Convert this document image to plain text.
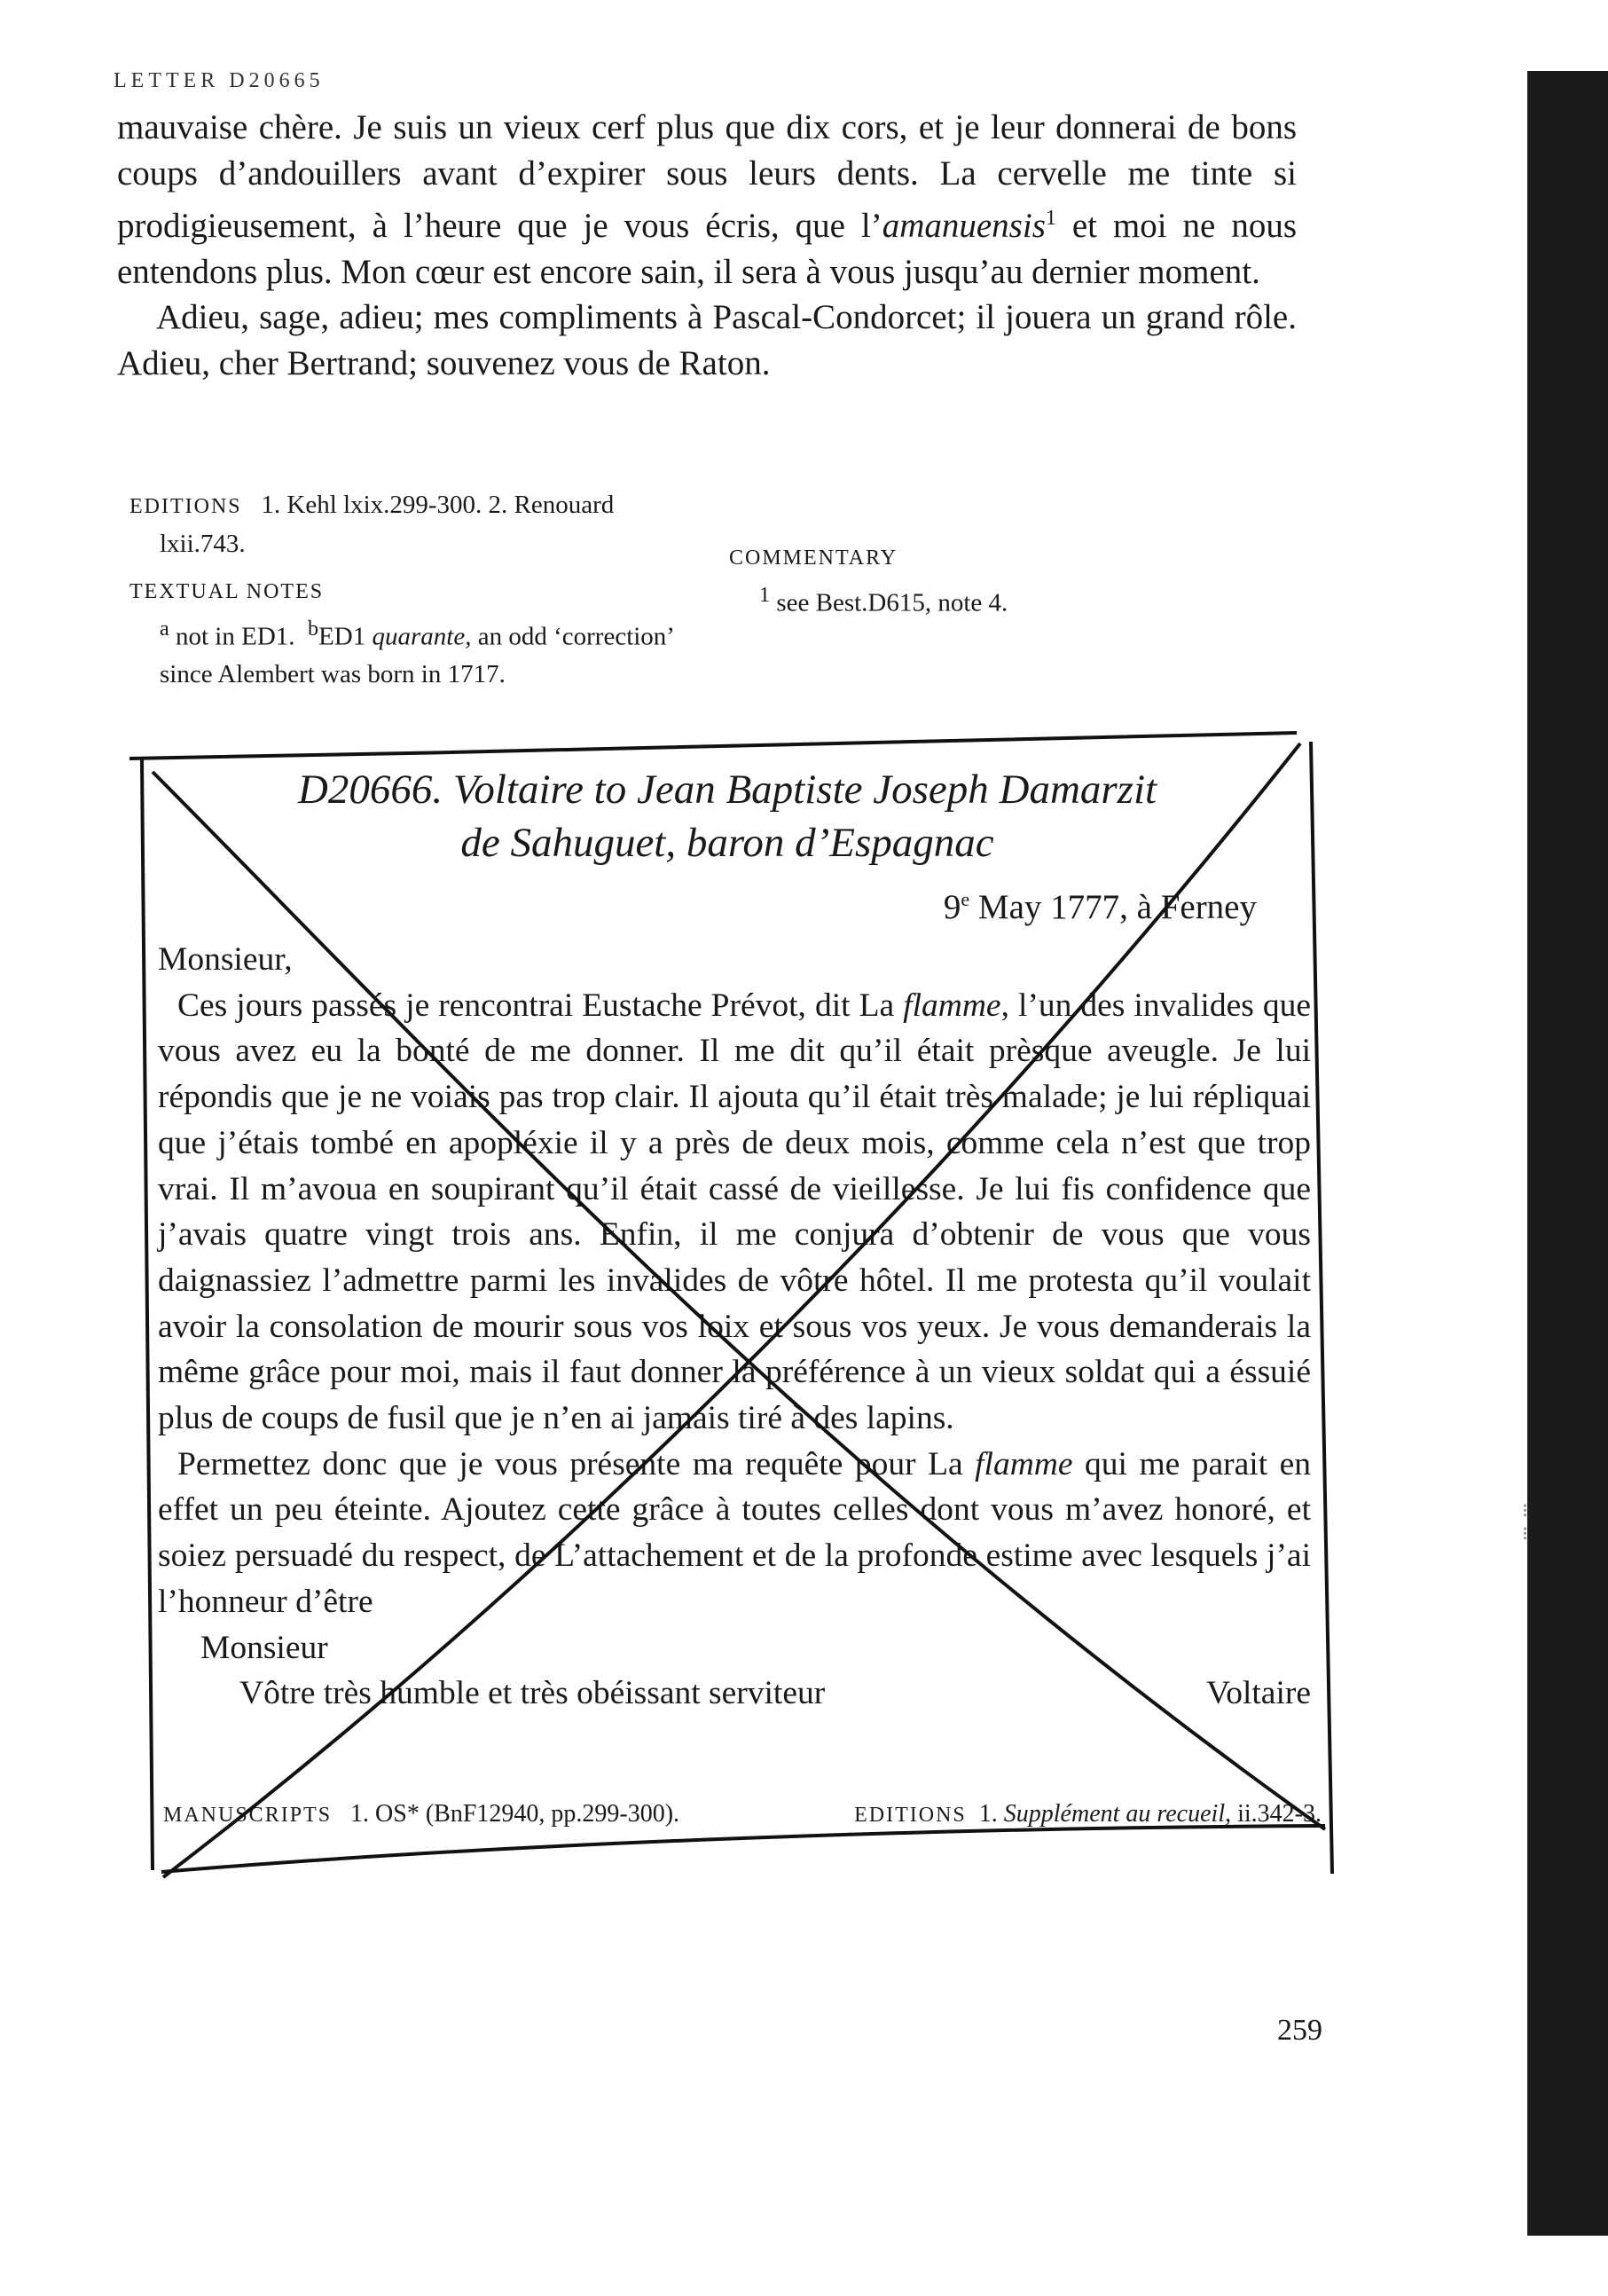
LETTER D20665

mauvaise chère. Je suis un vieux cerf plus que dix cors, et je leur donnerai de bons coups d’andouillers avant d’expirer sous leurs dents. La cervelle me tinte si prodigieusement, à l’heure que je vous écris, que l’amanuensis$^1$ et moi ne nous entendons plus. Mon cœur est encore sain, il sera à vous jusqu’au dernier moment.

Adieu, sage, adieu; mes compliments à Pascal-Condorcet; il jouera un grand rôle. Adieu, cher Bertrand; souvenez vous de Raton.

EDITIONS 1. Kehl lxix.299-300. 2. Renouard lxii.743.

TEXTUAL NOTES

$^a$ not in ED1. $^b$ED1 quarante, an odd ‘correction’ since Alembert was born in 1717.

COMMENTARY

$^1$ see Best.D615, note 4.

D20666. Voltaire to Jean Baptiste Joseph Damarzit
de Sahuguet, baron d’Espagnac
9e May 1777, à Ferney

Monsieur,

Ces jours passés je rencontrai Eustache Prévot, dit La flamme, l’un des invalides que vous avez eu la bonté de me donner. Il me dit qu’il était prèsque aveugle. Je lui répondis que je ne voiais pas trop clair. Il ajouta qu’il était très malade; je lui répliquai que j’étais tombé en apopléxie il y a près de deux mois, comme cela n’est que trop vrai. Il m’avoua en soupirant qu’il était cassé de vieillesse. Je lui fis confidence que j’avais quatre vingt trois ans. Enfin, il me conjura d’obtenir de vous que vous daignassiez l’admettre parmi les invalides de vôtre hôtel. Il me protesta qu’il voulait avoir la consolation de mourir sous vos loix et sous vos yeux. Je vous demanderais la même grâce pour moi, mais il faut donner la préférence à un vieux soldat qui a éssuié plus de coups de fusil que je n’en ai jamais tiré à des lapins.

Permettez donc que je vous présente ma requête pour La flamme qui me parait en effet un peu éteinte. Ajoutez cette grâce à toutes celles dont vous m’avez honoré, et soiez persuadé du respect, de L’attachement et de la profonde estime avec lesquels j’ai l’honneur d’être

Monsieur

Vôtre très humble et très obéissant serviteur	Voltaire

MANUSCRIPTS 1. OS* (BnF12940, pp.299-300).	EDITIONS 1. Supplément au recueil, ii.342-3.
⁝
⁝
259
